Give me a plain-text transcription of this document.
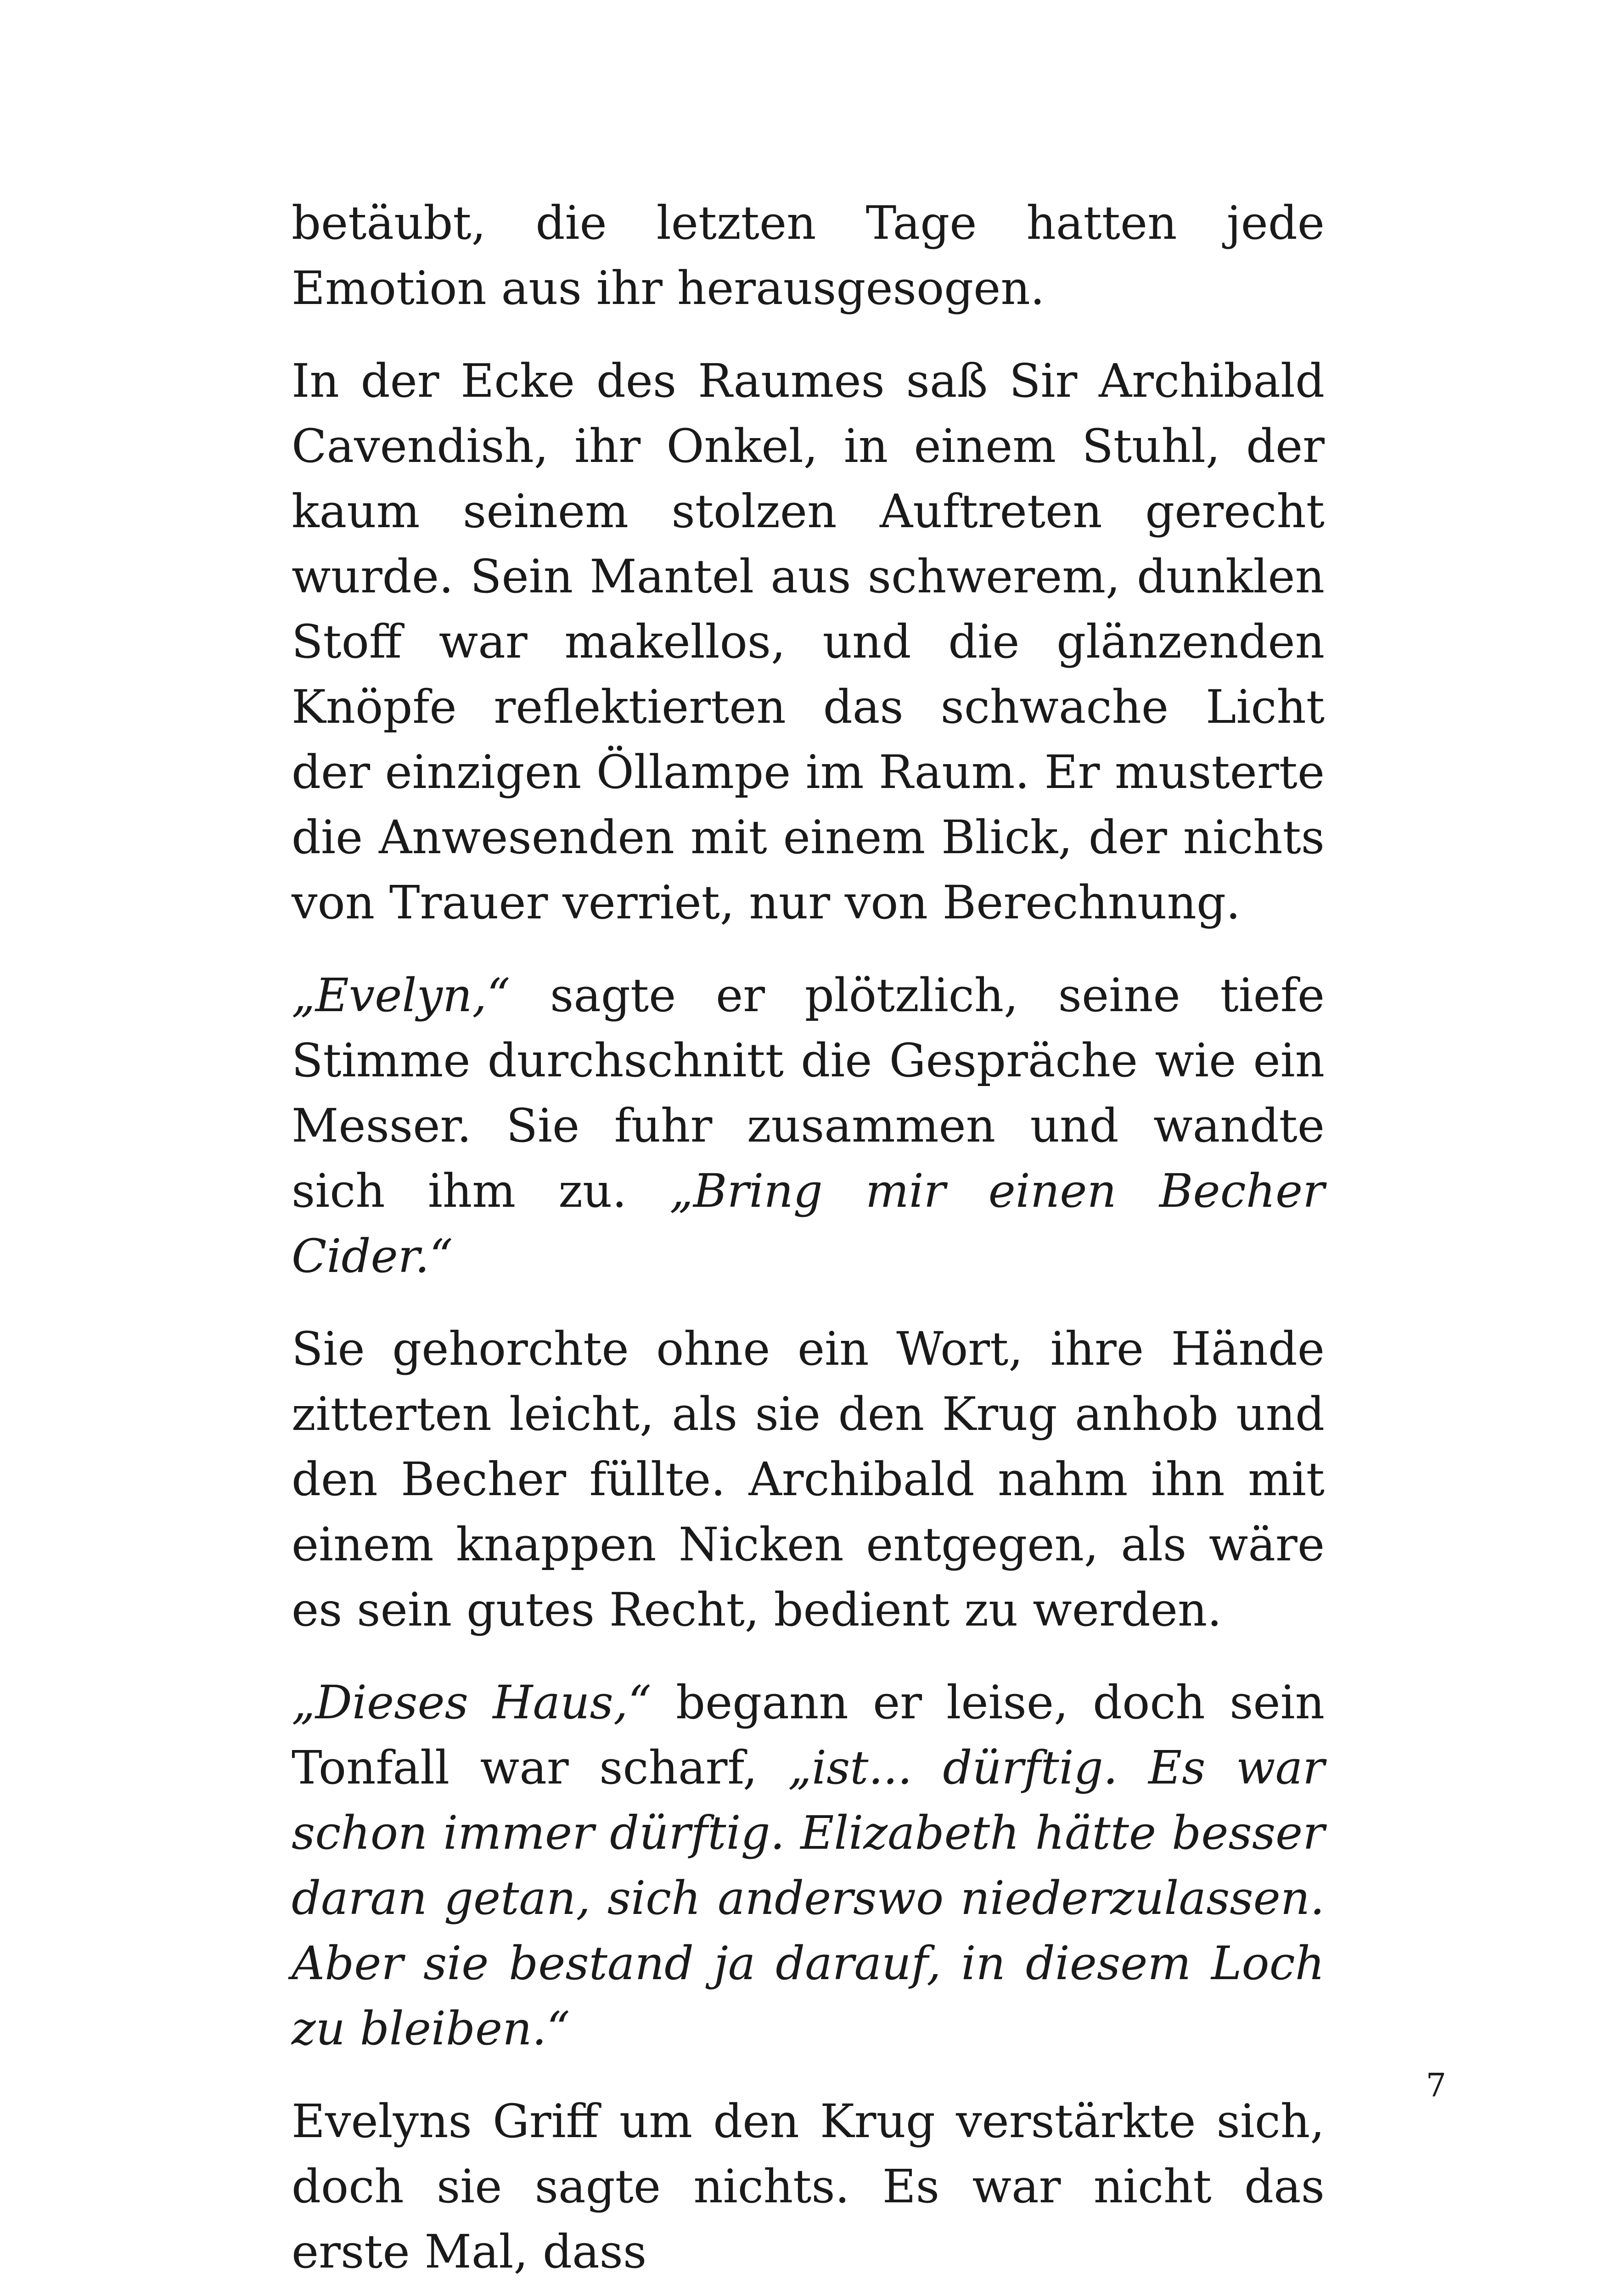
betäubt, die letzten Tage hatten jede Emotion aus ihr herausgesogen.

In der Ecke des Raumes saß Sir Archibald Cavendish, ihr Onkel, in einem Stuhl, der kaum seinem stolzen Auftreten gerecht wurde. Sein Mantel aus schwerem, dunklen Stoff war makellos, und die glänzenden Knöpfe reflektierten das schwache Licht der einzigen Öllampe im Raum. Er musterte die Anwesenden mit einem Blick, der nichts von Trauer verriet, nur von Berechnung.

„Evelyn,“ sagte er plötzlich, seine tiefe Stimme durchschnitt die Gespräche wie ein Messer. Sie fuhr zusammen und wandte sich ihm zu. „Bring mir einen Becher Cider.“

Sie gehorchte ohne ein Wort, ihre Hände zitterten leicht, als sie den Krug anhob und den Becher füllte. Archibald nahm ihn mit einem knappen Nicken entgegen, als wäre es sein gutes Recht, bedient zu werden.

„Dieses Haus,“ begann er leise, doch sein Tonfall war scharf, „ist... dürftig. Es war schon immer dürftig. Elizabeth hätte besser daran getan, sich anderswo niederzulassen. Aber sie bestand ja darauf, in diesem Loch zu bleiben.“

Evelyns Griff um den Krug verstärkte sich, doch sie sagte nichts. Es war nicht das erste Mal, dass

7
